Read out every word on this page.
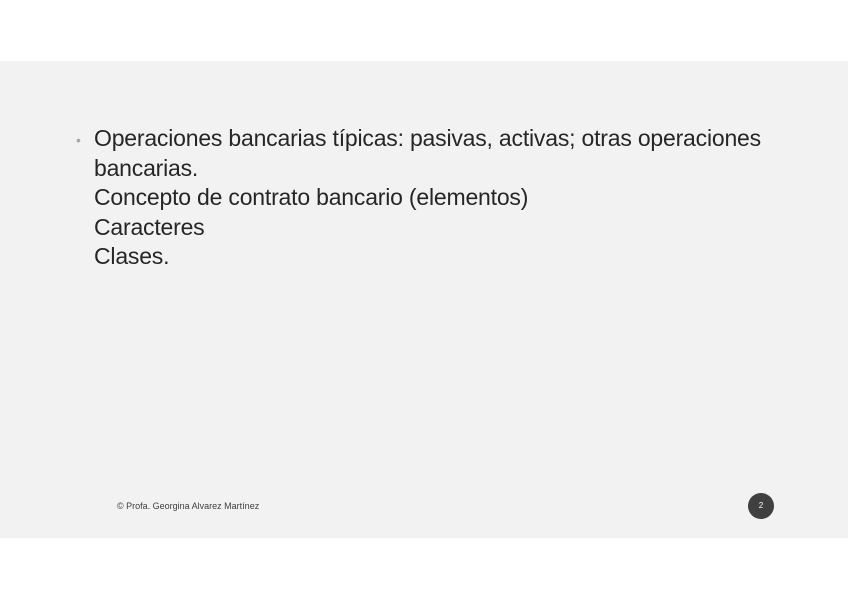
• Operaciones bancarias típicas: pasivas, activas; otras operaciones
bancarias.
Concepto de contrato bancario (elementos)
Caracteres
Clases.
© Profa. Georgina Alvarez Martínez	2
